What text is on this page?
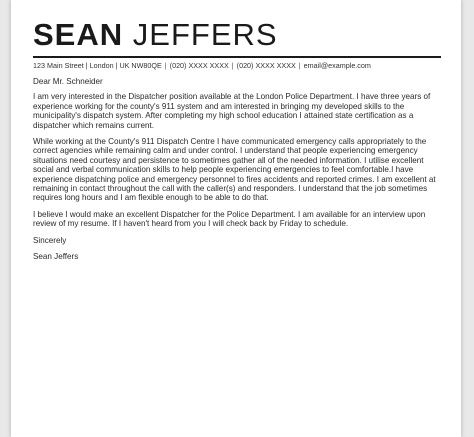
SEAN JEFFERS
123 Main Street | London | UK NW80QE | (020) XXXX XXXX | (020) XXXX XXXX | email@example.com

Dear Mr. Schneider

I am very interested in the Dispatcher position available at the London Police Department. I have three years of experience working for the county's 911 system and am interested in bringing my developed skills to the municipality's dispatch system. After completing my high school education I attained state certification as a dispatcher which remains current.

While working at the County's 911 Dispatch Centre I have communicated emergency calls appropriately to the correct agencies while remaining calm and under control. I understand that people experiencing emergency situations need courtesy and persistence to sometimes gather all of the needed information. I utilise excellent social and verbal communication skills to help people experiencing emergencies to feel comfortable.I have experience dispatching police and emergency personnel to fires accidents and reported crimes. I am excellent at remaining in contact throughout the call with the caller(s) and responders. I understand that the job sometimes requires long hours and I am flexible enough to be able to do that.

I believe I would make an excellent Dispatcher for the Police Department. I am available for an interview upon review of my resume. If I haven't heard from you I will check back by Friday to schedule.

Sincerely

Sean Jeffers
